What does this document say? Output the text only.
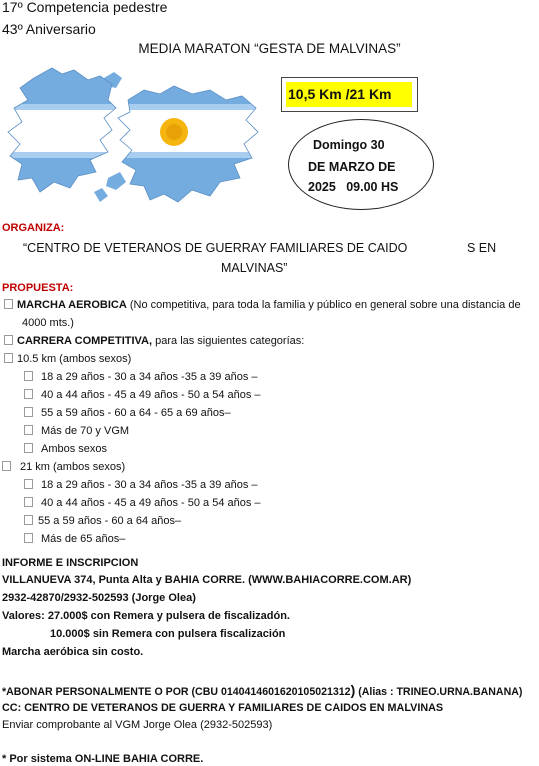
17º Competencia pedestre
43º Aniversario
MEDIA MARATON “GESTA DE MALVINAS”
10,5 Km /21 Km
Domingo 30
DE MARZO DE
2025   09.00 HS
ORGANIZA:
“CENTRO DE VETERANOS DE GUERRAY FAMILIARES DE CAIDO	S EN
MALVINAS”
PROPUESTA:
MARCHA AEROBICA (No competitiva, para toda la familia y público en general sobre una distancia de
4000 mts.)
CARRERA COMPETITIVA, para las siguientes categorías:
10.5 km (ambos sexos)
18 a 29 años - 30 a 34 años -35 a 39 años –
40 a 44 años - 45 a 49 años - 50 a 54 años –
55 a 59 años - 60 a 64 - 65 a 69 años–
Más de 70 y VGM
Ambos sexos
21 km (ambos sexos)
18 a 29 años - 30 a 34 años -35 a 39 años –
40 a 44 años - 45 a 49 años - 50 a 54 años –
55 a 59 años - 60 a 64 años–
Más de 65 años–
INFORME E INSCRIPCION
VILLANUEVA 374, Punta Alta y BAHIA CORRE. (WWW.BAHIACORRE.COM.AR)
2932-42870/2932-502593 (Jorge Olea)
Valores: 27.000$ con Remera y pulsera de fiscalizadón.
10.000$ sin Remera con pulsera fiscalización
Marcha aeróbica sin costo.
*ABONAR PERSONALMENTE O POR (CBU 0140414601620105021312) (Alias : TRINEO.URNA.BANANA)
CC: CENTRO DE VETERANOS DE GUERRA Y FAMILIARES DE CAIDOS EN MALVINAS
Enviar comprobante al VGM Jorge Olea (2932-502593)
* Por sistema ON-LINE BAHIA CORRE.
